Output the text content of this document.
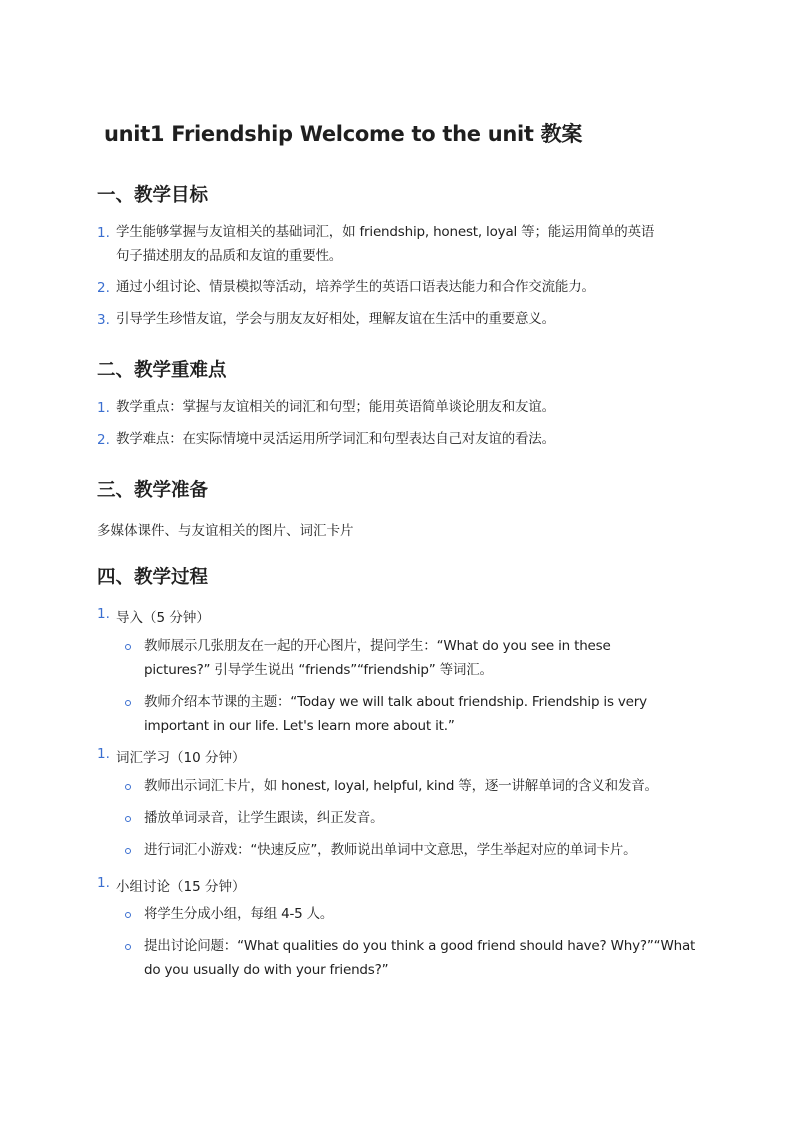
unit1 Friendship Welcome to the unit 教案
一、教学目标
1. 学生能够掌握与友谊相关的基础词汇，如 friendship, honest, loyal 等；能运用简单的英语
句子描述朋友的品质和友谊的重要性。
2. 通过小组讨论、情景模拟等活动，培养学生的英语口语表达能力和合作交流能力。
3. 引导学生珍惜友谊，学会与朋友友好相处，理解友谊在生活中的重要意义。
二、教学重难点
1. 教学重点：掌握与友谊相关的词汇和句型；能用英语简单谈论朋友和友谊。
2. 教学难点：在实际情境中灵活运用所学词汇和句型表达自己对友谊的看法。
三、教学准备
多媒体课件、与友谊相关的图片、词汇卡片
四、教学过程
1. 导入（5 分钟）
教师展示几张朋友在一起的开心图片，提问学生：“What do you see in these
pictures?” 引导学生说出 “friends”“friendship” 等词汇。
教师介绍本节课的主题：“Today we will talk about friendship. Friendship is very
important in our life. Let's learn more about it.”
1. 词汇学习（10 分钟）
教师出示词汇卡片，如 honest, loyal, helpful, kind 等，逐一讲解单词的含义和发音。
播放单词录音，让学生跟读，纠正发音。
进行词汇小游戏：“快速反应”，教师说出单词中文意思，学生举起对应的单词卡片。
1. 小组讨论（15 分钟）
将学生分成小组，每组 4-5 人。
提出讨论问题：“What qualities do you think a good friend should have? Why?”“What
do you usually do with your friends?”
